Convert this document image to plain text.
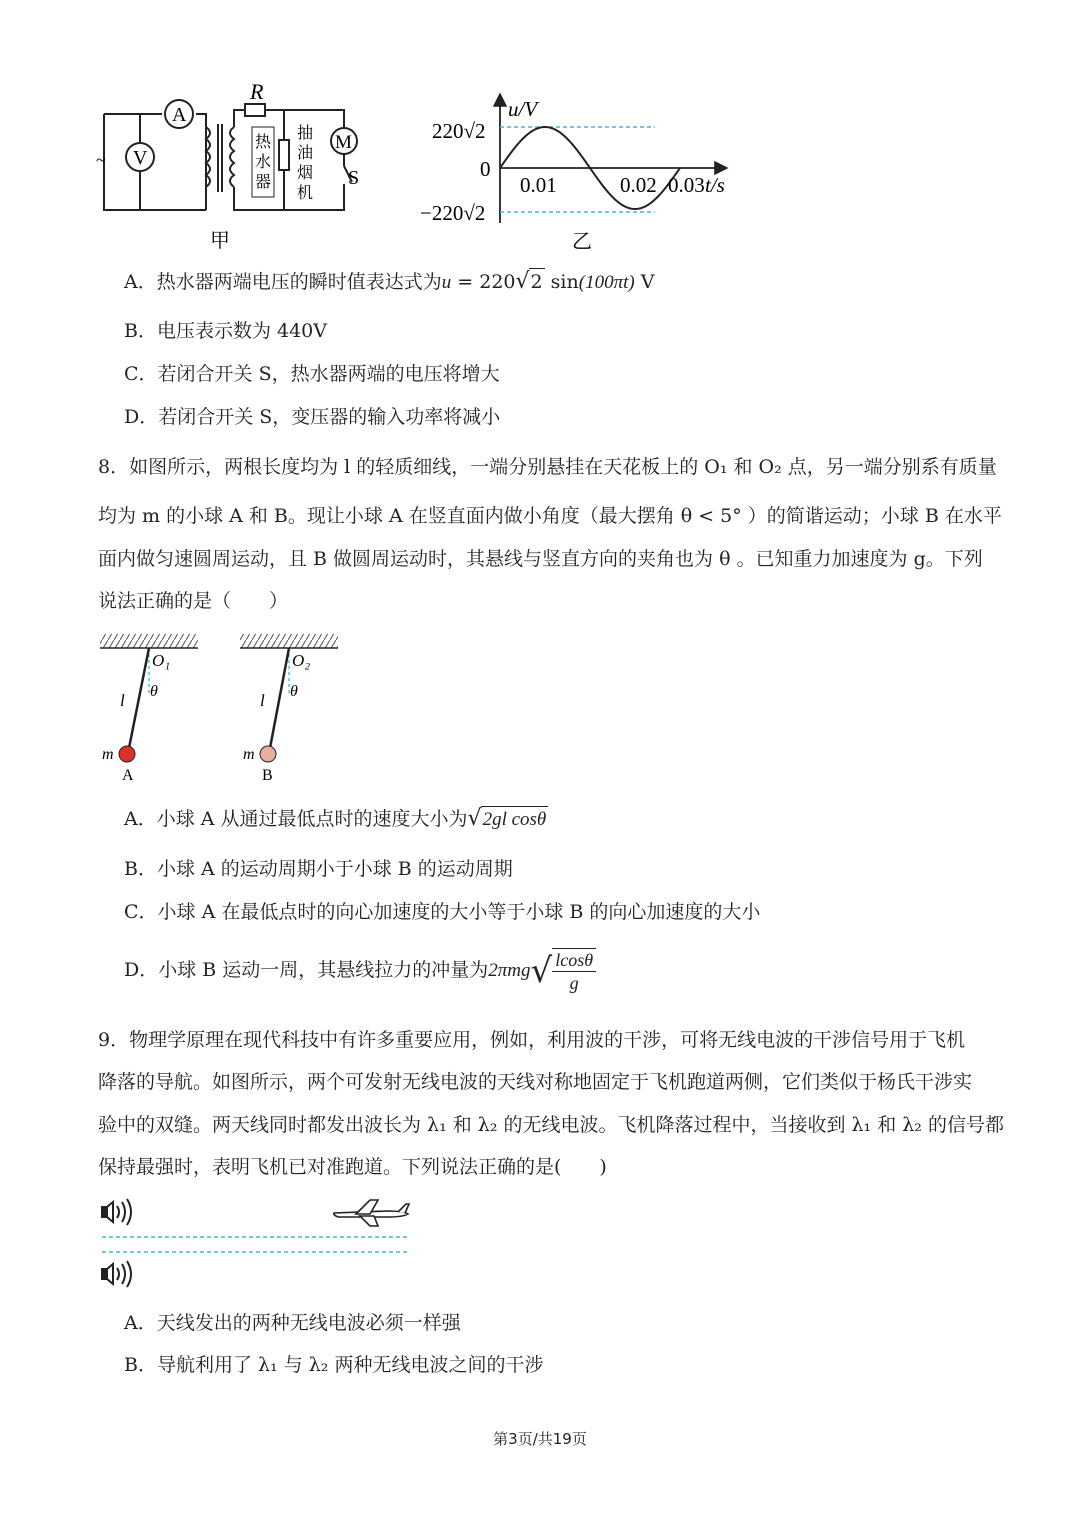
R
A
V
~
热
水
器
抽
油
烟
机
M
S
甲
u/V
t/s
220√2
0
−220√2
0.01	0.02 0.03
乙
A．热水器两端电压的瞬时值表达式为u = 220√2 sin(100πt) V
B．电压表示数为 440V
C．若闭合开关 S，热水器两端的电压将增大
D．若闭合开关 S，变压器的输入功率将减小
8．如图所示，两根长度均为 l 的轻质细线，一端分别悬挂在天花板上的 O₁ 和 O₂ 点，另一端分别系有质量
均为 m 的小球 A 和 B。现让小球 A 在竖直面内做小角度（最大摆角 θ < 5° ）的简谐运动；小球 B 在水平
面内做匀速圆周运动，且 B 做圆周运动时，其悬线与竖直方向的夹角也为 θ 。已知重力加速度为 g。下列
说法正确的是（　　）
O₁
θ
l
m
A
O₂
θ
l
m
B
A．小球 A 从通过最低点时的速度大小为√2gl cosθ
B．小球 A 的运动周期小于小球 B 的运动周期
C．小球 A 在最低点时的向心加速度的大小等于小球 B 的向心加速度的大小
D．小球 B 运动一周，其悬线拉力的冲量为$2\pi mg√ \frac{lcos\theta}{g}$
9．物理学原理在现代科技中有许多重要应用，例如，利用波的干涉，可将无线电波的干涉信号用于飞机
降落的导航。如图所示，两个可发射无线电波的天线对称地固定于飞机跑道两侧，它们类似于杨氏干涉实
验中的双缝。两天线同时都发出波长为 λ₁ 和 λ₂ 的无线电波。飞机降落过程中，当接收到 λ₁ 和 λ₂ 的信号都
保持最强时，表明飞机已对准跑道。下列说法正确的是(　　)
A．天线发出的两种无线电波必须一样强
B．导航利用了 λ₁ 与 λ₂ 两种无线电波之间的干涉
第3页/共19页
